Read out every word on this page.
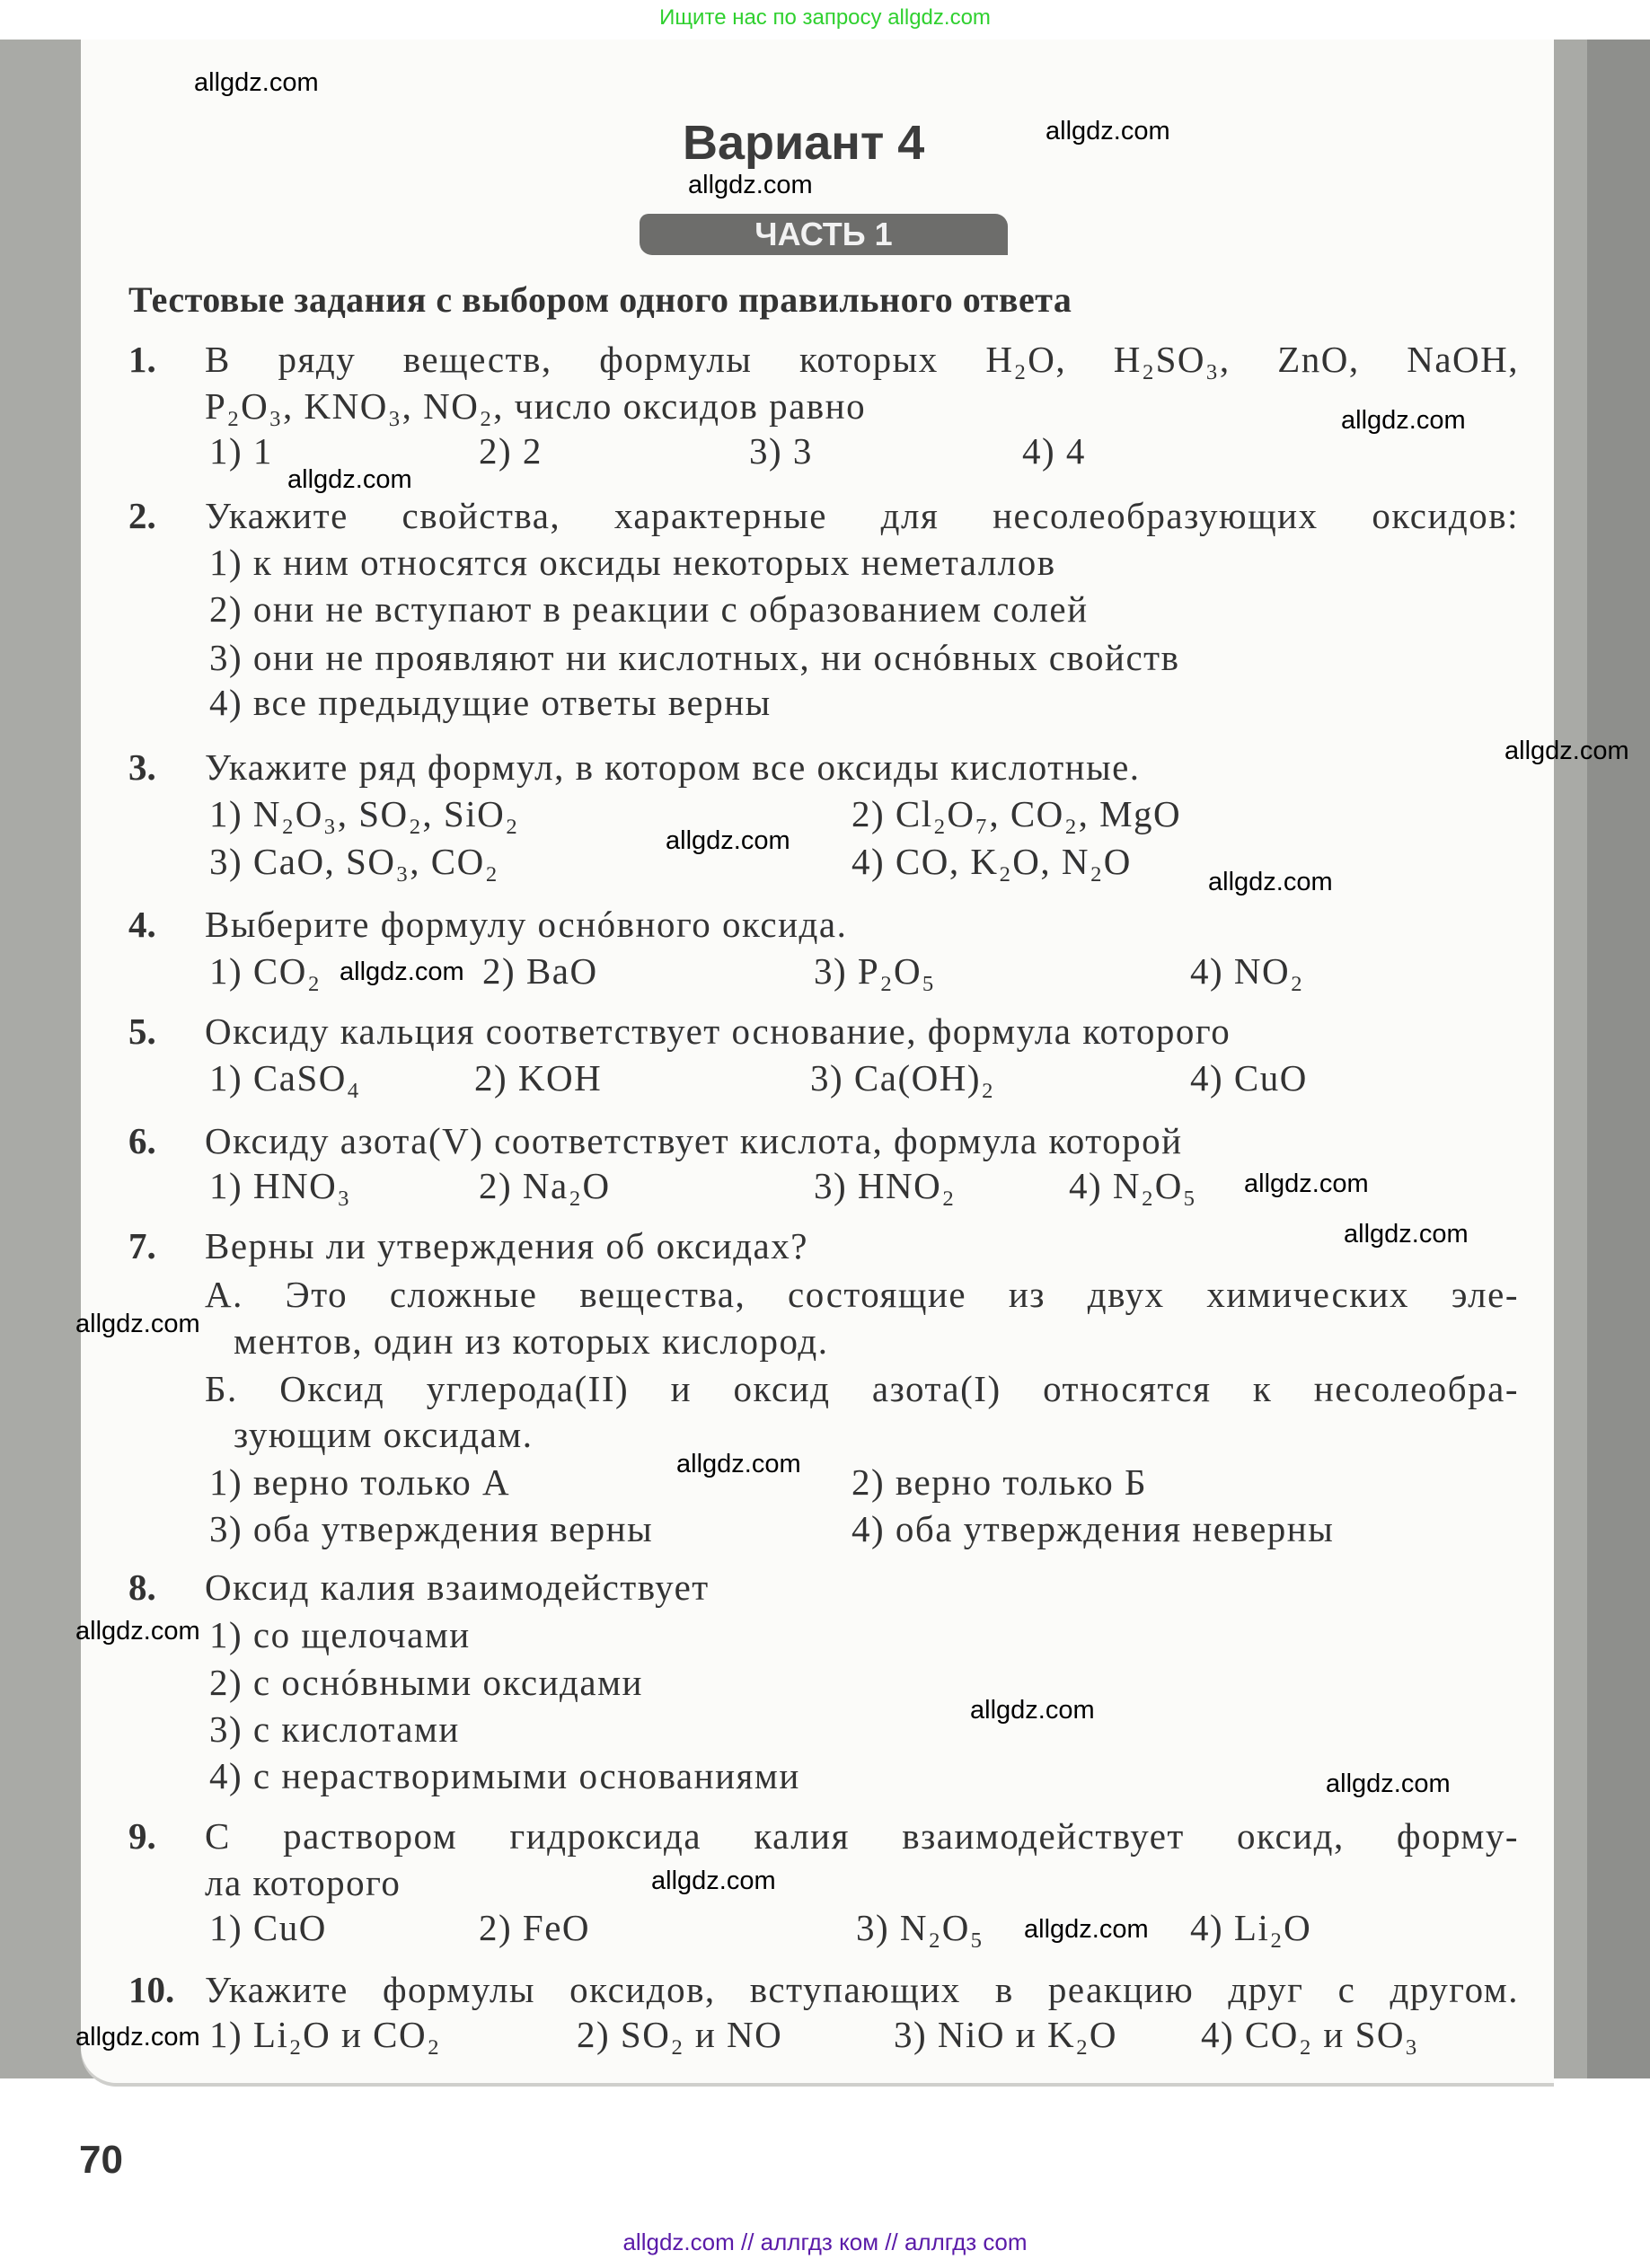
Ищите нас по запросу allgdz.com
Вариант 4
ЧАСТЬ 1
Тестовые задания с выбором одного правильного ответа
1. В ряду веществ, формулы которых H₂O, H₂SO₃, ZnO, NaOH,
P₂O₃, KNO₃, NO₂, число оксидов равно
1) 1	2) 2	3) 3	4) 4
2. Укажите свойства, характерные для несолеобразующих оксидов:
1) к ним относятся оксиды некоторых неметаллов
2) они не вступают в реакции с образованием солей
3) они не проявляют ни кислотных, ни оснóвных свойств
4) все предыдущие ответы верны
3. Укажите ряд формул, в котором все оксиды кислотные.
1) N₂O₃, SO₂, SiO₂	2) Cl₂O₇, CO₂, MgO
3) CaO, SO₃, CO₂	4) CO, K₂O, N₂O
4. Выберите формулу оснóвного оксида.
1) CO₂	2) BaO	3) P₂O₅	4) NO₂
5. Оксиду кальция соответствует основание, формула которого
1) CaSO₄	2) KOH	3) Ca(OH)₂	4) CuO
6. Оксиду азота(V) соответствует кислота, формула которой
1) HNO₃	2) Na₂O	3) HNO₂	4) N₂O₅
7. Верны ли утверждения об оксидах?
А. Это сложные вещества, состоящие из двух химических эле-
ментов, один из которых кислород.
Б. Оксид углерода(II) и оксид азота(I) относятся к несолеобра-
зующим оксидам.
1) верно только А	2) верно только Б
3) оба утверждения верны	4) оба утверждения неверны
8. Оксид калия взаимодействует
1) со щелочами
2) с оснóвными оксидами
3) с кислотами
4) с нерастворимыми основаниями
9. С раствором гидроксида калия взаимодействует оксид, форму-
ла которого
1) CuO	2) FeO	3) N₂O₅	4) Li₂O
10. Укажите формулы оксидов, вступающих в реакцию друг с другом.
1) Li₂O и CO₂	2) SO₂ и NO	3) NiO и K₂O 4) CO₂ и SO₃
allgdz.com
allgdz.com
allgdz.com
allgdz.com
allgdz.com
allgdz.com
allgdz.com
allgdz.com
allgdz.com
allgdz.com
allgdz.com
allgdz.com
allgdz.com
allgdz.com
allgdz.com
allgdz.com
allgdz.com
allgdz.com
allgdz.com
70
allgdz.com // аллгдз ком // аллгдз com
